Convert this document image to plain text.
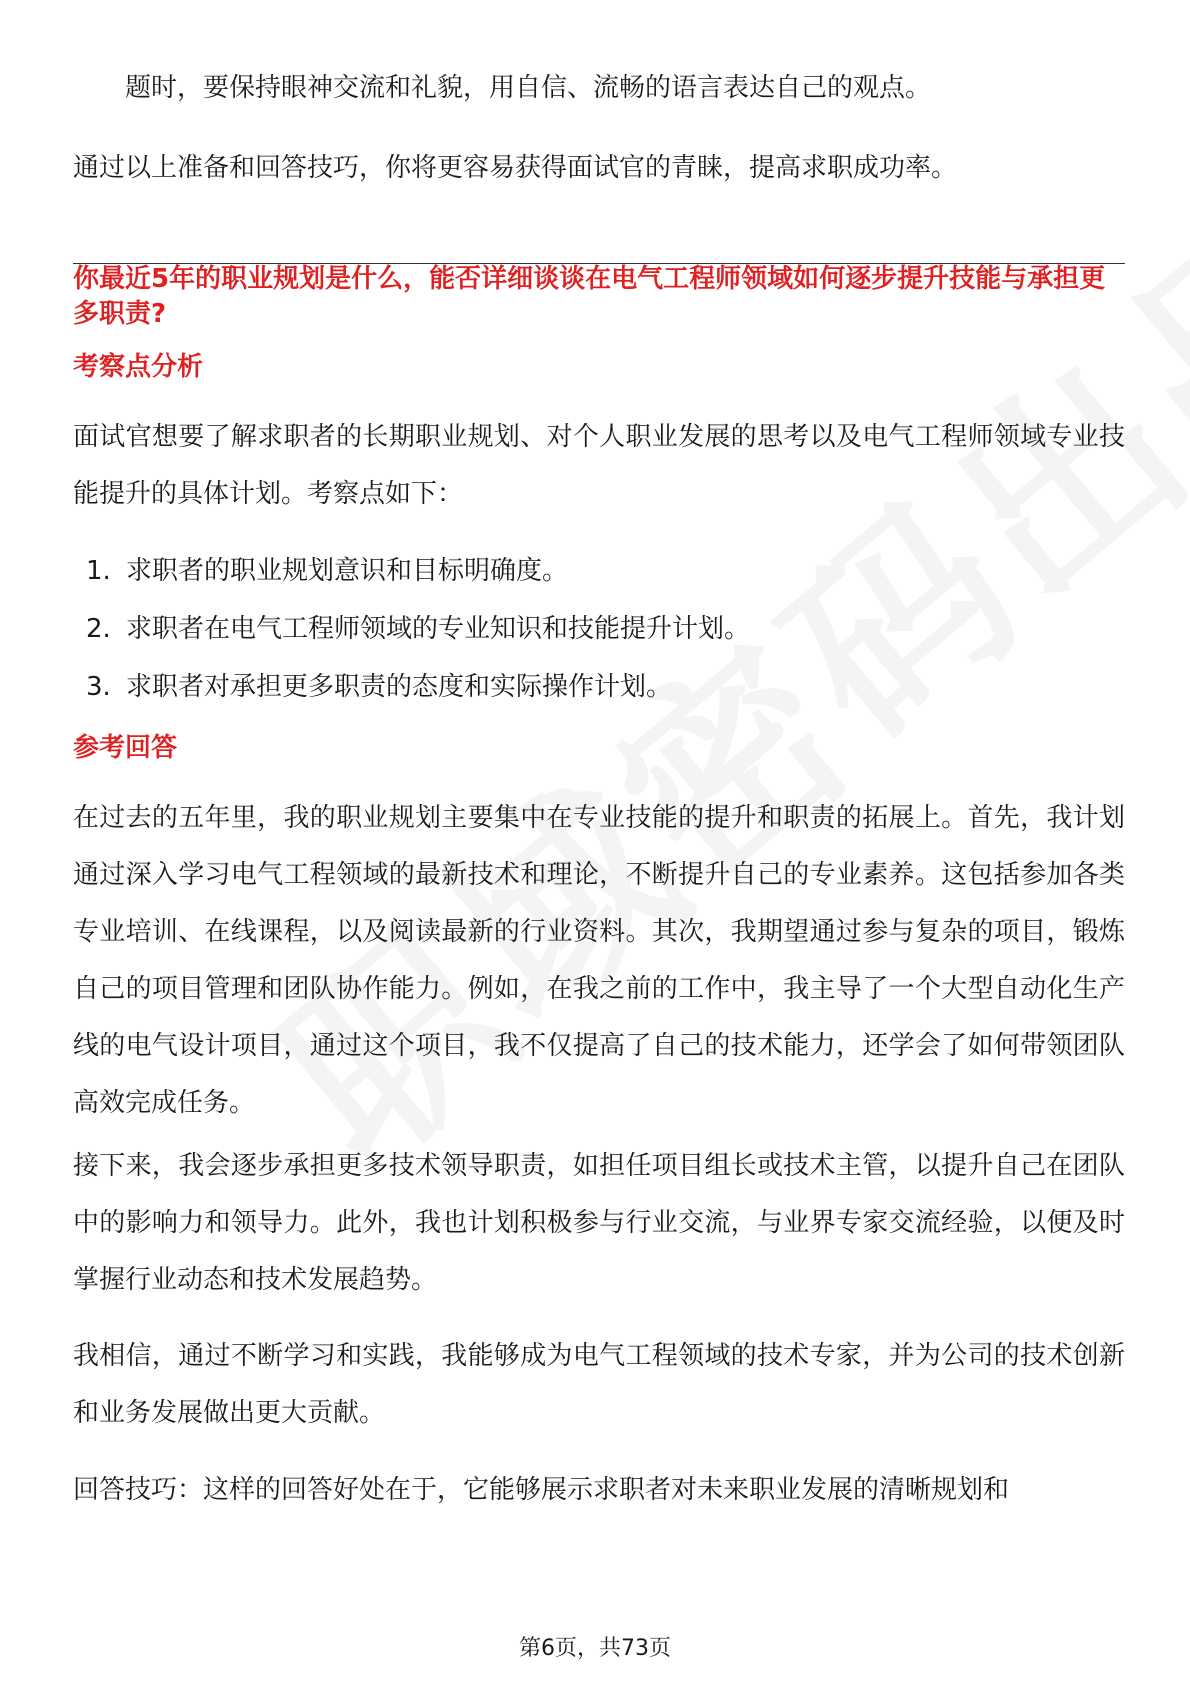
题时，要保持眼神交流和礼貌，用自信、流畅的语言表达自己的观点。

通过以上准备和回答技巧，你将更容易获得面试官的青睐，提高求职成功率。

你最近5年的职业规划是什么，能否详细谈谈在电气工程师领域如何逐步提升技能与承担更多职责?

考察点分析

面试官想要了解求职者的长期职业规划、对个人职业发展的思考以及电气工程师领域专业技能提升的具体计划。考察点如下：

1. 求职者的职业规划意识和目标明确度。
2. 求职者在电气工程师领域的专业知识和技能提升计划。
3. 求职者对承担更多职责的态度和实际操作计划。

参考回答

在过去的五年里，我的职业规划主要集中在专业技能的提升和职责的拓展上。首先，我计划通过深入学习电气工程领域的最新技术和理论，不断提升自己的专业素养。这包括参加各类专业培训、在线课程，以及阅读最新的行业资料。其次，我期望通过参与复杂的项目，锻炼自己的项目管理和团队协作能力。例如，在我之前的工作中，我主导了一个大型自动化生产线的电气设计项目，通过这个项目，我不仅提高了自己的技术能力，还学会了如何带领团队高效完成任务。

接下来，我会逐步承担更多技术领导职责，如担任项目组长或技术主管，以提升自己在团队中的影响力和领导力。此外，我也计划积极参与行业交流，与业界专家交流经验，以便及时掌握行业动态和技术发展趋势。

我相信，通过不断学习和实践，我能够成为电气工程领域的技术专家，并为公司的技术创新和业务发展做出更大贡献。

回答技巧：这样的回答好处在于，它能够展示求职者对未来职业发展的清晰规划和

第6页，共73页
